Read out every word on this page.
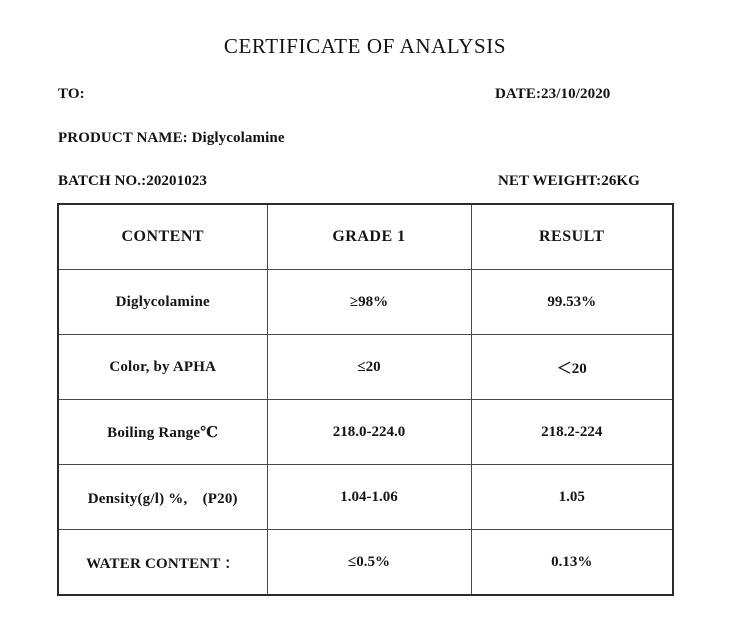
CERTIFICATE OF ANALYSIS
TO:	DATE:23/10/2020
PRODUCT NAME: Diglycolamine
BATCH NO.:20201023	NET WEIGHT:26KG
CONTENT	GRADE 1	RESULT
Diglycolamine	≥98%	99.53%
Color, by APHA	≤20	＜20
Boiling Range℃	218.0-224.0	218.2-224
Density(g/l) %,　(P20)	1.04-1.06	1.05
WATER CONTENT ：	≤0.5%	0.13%
